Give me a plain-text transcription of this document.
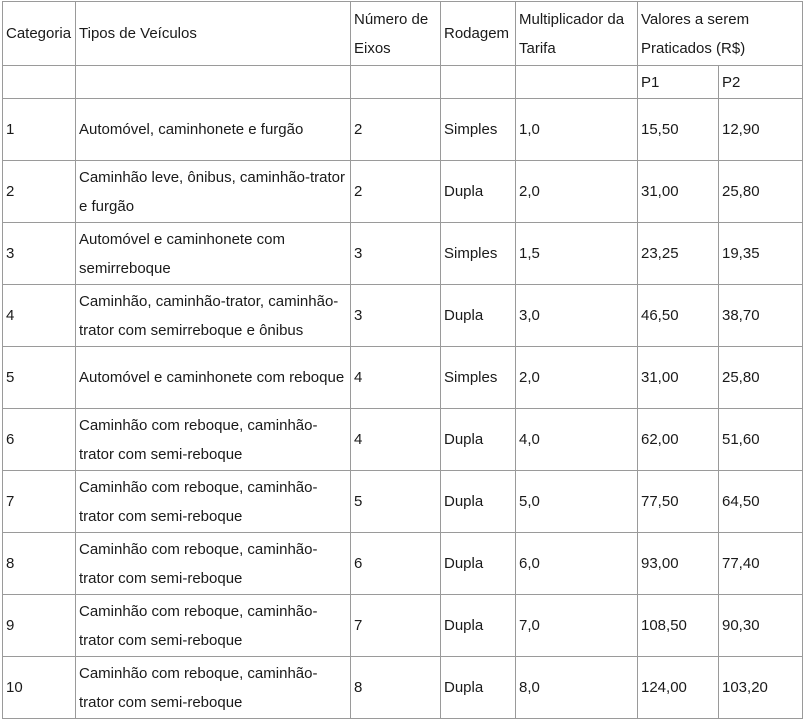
Categoria	Tipos de Veículos	Número de Eixos	Rodagem	Multiplicador da Tarifa	Valores a serem Praticados (R$)	
					P1	P2
1	Automóvel, caminhonete e furgão	2	Simples	1,0	15,50	12,90
2	Caminhão leve, ônibus, caminhão-trator e furgão	2	Dupla	2,0	31,00	25,80
3	Automóvel e caminhonete com semirreboque	3	Simples	1,5	23,25	19,35
4	Caminhão, caminhão-trator, caminhão-trator com semirreboque e ônibus	3	Dupla	3,0	46,50	38,70
5	Automóvel e caminhonete com reboque	4	Simples	2,0	31,00	25,80
6	Caminhão com reboque, caminhão-trator com semi-reboque	4	Dupla	4,0	62,00	51,60
7	Caminhão com reboque, caminhão-trator com semi-reboque	5	Dupla	5,0	77,50	64,50
8	Caminhão com reboque, caminhão-trator com semi-reboque	6	Dupla	6,0	93,00	77,40
9	Caminhão com reboque, caminhão-trator com semi-reboque	7	Dupla	7,0	108,50	90,30
10	Caminhão com reboque, caminhão-trator com semi-reboque	8	Dupla	8,0	124,00	103,20
